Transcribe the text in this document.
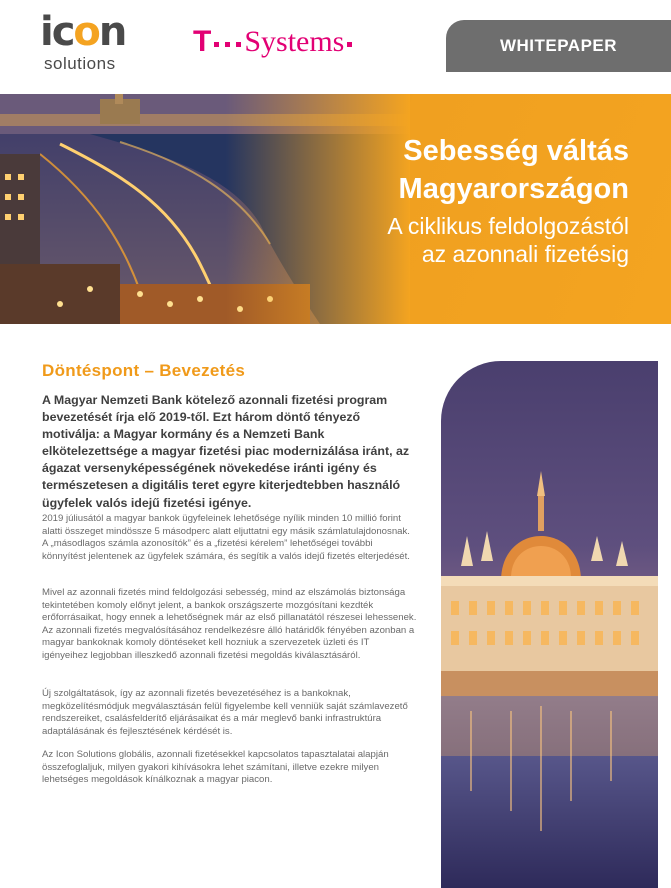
icon
solutions
T Systems	WHITEPAPER
Sebesség váltás
Magyarországon
A ciklikus feldolgozástól
az azonnali fizetésig
Döntéspont – Bevezetés
A Magyar Nemzeti Bank kötelező azonnali fizetési program bevezetését írja elő 2019-től. Ezt három döntő tényező motiválja: a Magyar kormány és a Nemzeti Bank elkötelezettsége a magyar fizetési piac modernizálása iránt, az ágazat versenyképességének növekedése iránti igény és természetesen a digitális teret egyre kiterjedtebben használó ügyfelek valós idejű fizetési igénye.
2019 júliusától a magyar bankok ügyfeleinek lehetősége nyílik minden 10 millió forint alatti összeget mindössze 5 másodperc alatt eljuttatni egy másik számlatulajdonosnak. A „másodlagos számla azonosítók” és a „fizetési kérelem” lehetőségei további könnyítést jelentenek az ügyfelek számára, és segítik a valós idejű fizetés elterjedését.
Mivel az azonnali fizetés mind feldolgozási sebesség, mind az elszámolás biztonsága tekintetében komoly előnyt jelent, a bankok országszerte mozgósítani kezdték erőforrásaikat, hogy ennek a lehetőségnek már az első pillanatától részesei lehessenek. Az azonnali fizetés megvalósításához rendelkezésre álló határidők fényében azonban a magyar bankoknak komoly döntéseket kell hozniuk a szervezetek üzleti és IT igényeihez legjobban illeszkedő azonnali fizetési megoldás kiválasztásáról.
Új szolgáltatások, így az azonnali fizetés bevezetéséhez is a bankoknak, megközelítésmódjuk megválasztásán felül figyelembe kell venniük saját számlavezető rendszereiket, csalásfelderítő eljárásaikat és a már meglevő banki infrastruktúra adaptálásának és fejlesztésének kérdését is.
Az Icon Solutions globális, azonnali fizetésekkel kapcsolatos tapasztalatai alapján összefoglaljuk, milyen gyakori kihívásokra lehet számítani, illetve ezekre milyen lehetséges megoldások kínálkoznak a magyar piacon.
